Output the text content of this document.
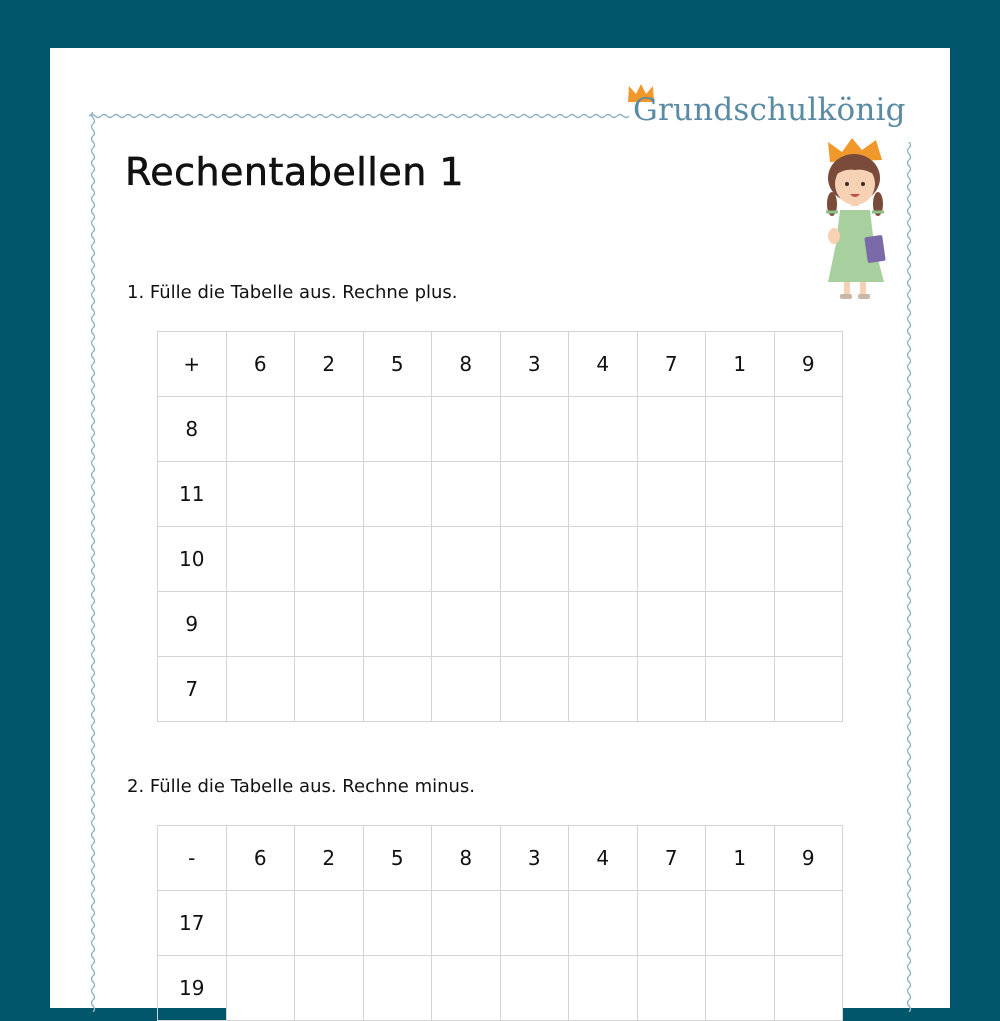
Grundschulkönig
Rechentabellen 1
1. Fülle die Tabelle aus. Rechne plus.
+	6	2	5	8	3	4	7	1	9
8									
11									
10									
9									
7									
2. Fülle die Tabelle aus. Rechne minus.
-	6	2	5	8	3	4	7	1	9
17									
19									
